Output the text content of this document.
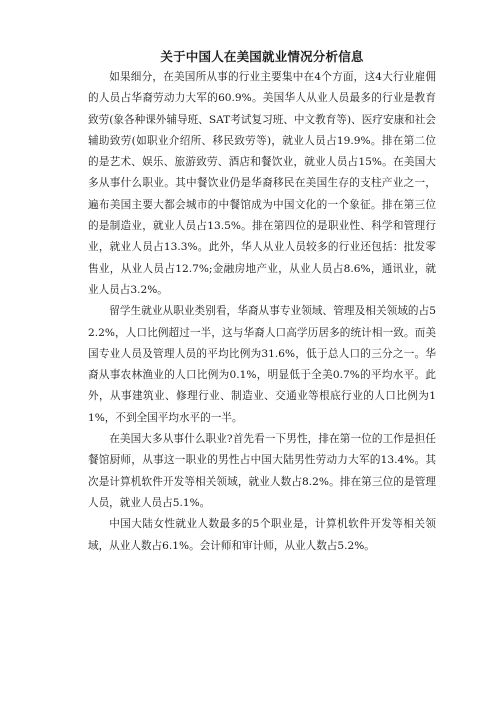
关于中国人在美国就业情况分析信息

如果细分，在美国所从事的行业主要集中在4个方面，这4大行业雇佣的人员占华裔劳动力大军的60.9%。美国华人从业人员最多的行业是教育致劳(象各种课外辅导班、SAT考试复习班、中文教育等)、医疗安康和社会辅助致劳(如职业介绍所、移民致劳等)，就业人员占19.9%。排在第二位的是艺术、娱乐、旅游致劳、酒店和餐饮业，就业人员占15%。在美国大多从事什么职业。其中餐饮业仍是华裔移民在美国生存的支柱产业之一，遍布美国主要大都会城市的中餐馆成为中国文化的一个象征。排在第三位的是制造业，就业人员占13.5%。排在第四位的是职业性、科学和管理行业，就业人员占13.3%。此外，华人从业人员较多的行业还包括：批发零售业，从业人员占12.7%;金融房地产业，从业人员占8.6%，通讯业，就业人员占3.2%。

留学生就业从职业类别看，华裔从事专业领域、管理及相关领域的占52.2%，人口比例超过一半，这与华裔人口高学历居多的统计相一致。而美国专业人员及管理人员的平均比例为31.6%，低于总人口的三分之一。华裔从事农林渔业的人口比例为0.1%，明显低于全美0.7%的平均水平。此外，从事建筑业、修理行业、制造业、交通业等根底行业的人口比例为11%，不到全国平均水平的一半。

在美国大多从事什么职业?首先看一下男性，排在第一位的工作是担任餐馆厨师，从事这一职业的男性占中国大陆男性劳动力大军的13.4%。其次是计算机软件开发等相关领域，就业人数占8.2%。排在第三位的是管理人员，就业人员占5.1%。

中国大陆女性就业人数最多的5个职业是，计算机软件开发等相关领域，从业人数占6.1%。会计师和审计师，从业人数占5.2%。
